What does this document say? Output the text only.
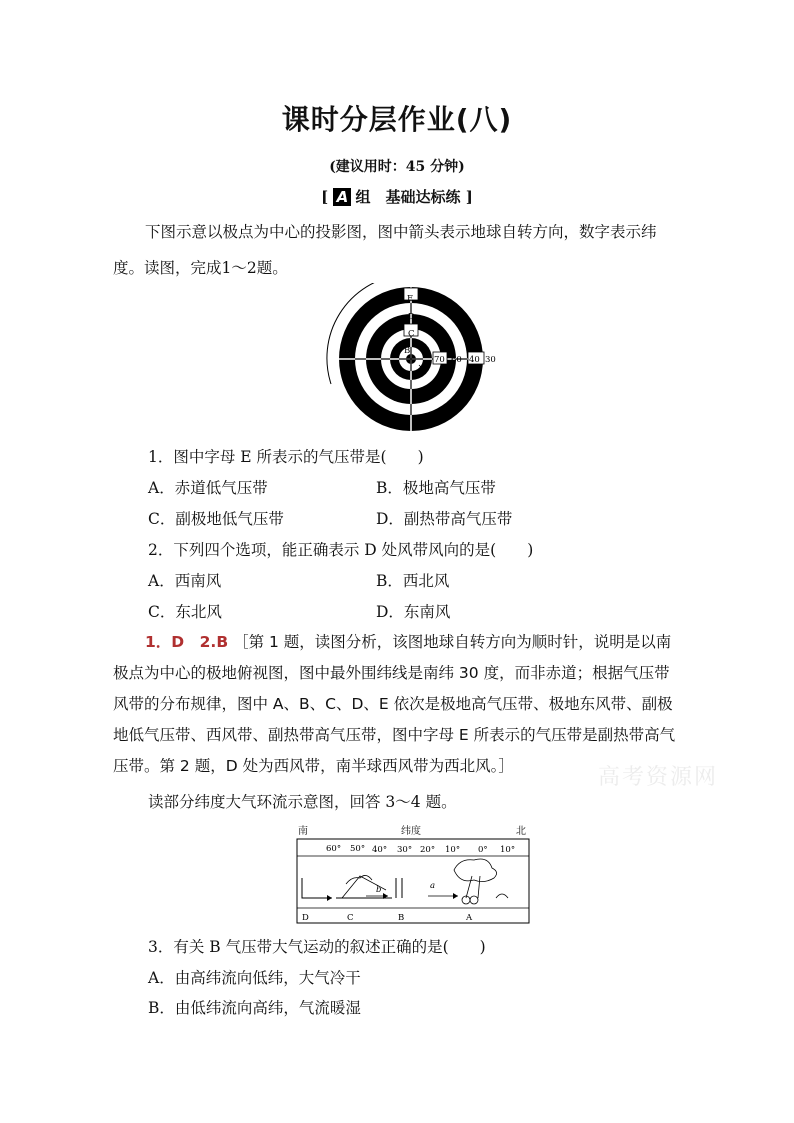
课时分层作业(八)
(建议用时：45 分钟)
[ A 组　基础达标练 ]
下图示意以极点为中心的投影图，图中箭头表示地球自转方向，数字表示纬度。读图，完成1～2题。
E
D
C
B
A
70 60 40 30
1．图中字母 E 所表示的气压带是(　　)
A．赤道低气压带	B．极地高气压带
C．副极地低气压带	D．副热带高气压带
2．下列四个选项，能正确表示 D 处风带风向的是(　　)
A．西南风	B．西北风
C．东北风	D．东南风
1．D　2.B ［第 1 题，读图分析，该图地球自转方向为顺时针，说明是以南极点为中心的极地俯视图，图中最外围纬线是南纬 30 度，而非赤道；根据气压带风带的分布规律，图中 A、B、C、D、E 依次是极地高气压带、极地东风带、副极地低气压带、西风带、副热带高气压带，图中字母 E 所表示的气压带是副热带高气压带。第 2 题，D 处为西风带，南半球西风带为西北风。］	高考资源网
读部分纬度大气环流示意图，回答 3～4 题。
南	纬度	北
60° 50° 40° 30° 20° 10° 0° 10°
D	C	B	A
b	a
3．有关 B 气压带大气运动的叙述正确的是(　　)
A．由高纬流向低纬，大气冷干
B．由低纬流向高纬，气流暖湿
